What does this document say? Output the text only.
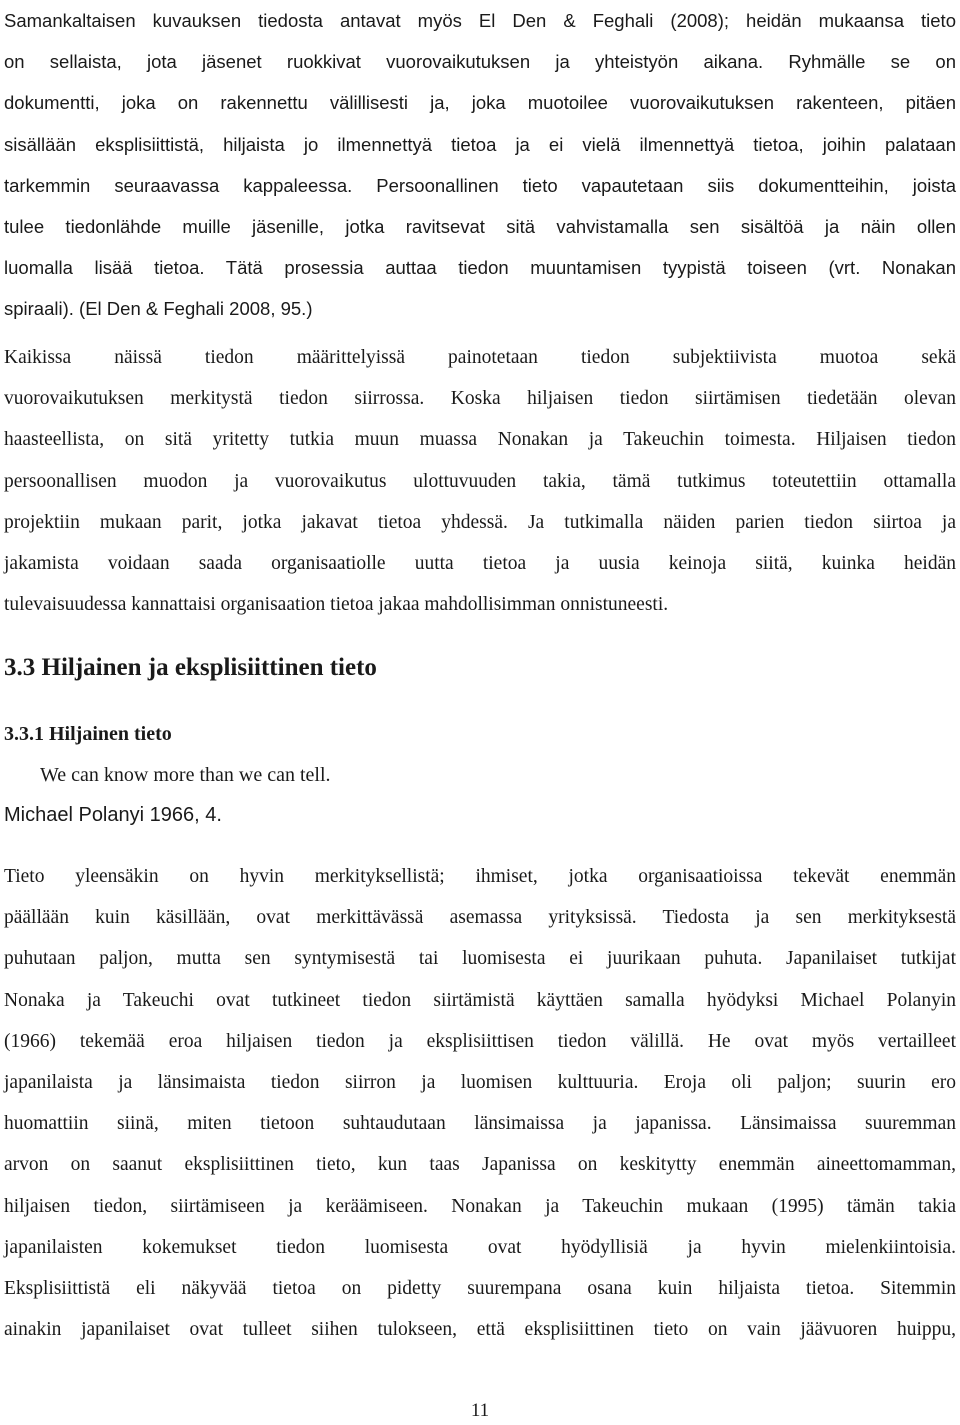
Samankaltaisen kuvauksen tiedosta antavat myös El Den & Feghali (2008); heidän mukaansa tieto
on sellaista, jota jäsenet ruokkivat vuorovaikutuksen ja yhteistyön aikana. Ryhmälle se on
dokumentti, joka on rakennettu välillisesti ja, joka muotoilee vuorovaikutuksen rakenteen, pitäen
sisällään eksplisiittistä, hiljaista jo ilmennettyä tietoa ja ei vielä ilmennettyä tietoa, joihin palataan
tarkemmin seuraavassa kappaleessa. Persoonallinen tieto vapautetaan siis dokumentteihin, joista
tulee tiedonlähde muille jäsenille, jotka ravitsevat sitä vahvistamalla sen sisältöä ja näin ollen
luomalla lisää tietoa. Tätä prosessia auttaa tiedon muuntamisen tyypistä toiseen (vrt. Nonakan
spiraali). (El Den & Feghali 2008, 95.)

Kaikissa näissä tiedon määrittelyissä painotetaan tiedon subjektiivista muotoa sekä
vuorovaikutuksen merkitystä tiedon siirrossa. Koska hiljaisen tiedon siirtämisen tiedetään olevan
haasteellista, on sitä yritetty tutkia muun muassa Nonakan ja Takeuchin toimesta. Hiljaisen tiedon
persoonallisen muodon ja vuorovaikutus ulottuvuuden takia, tämä tutkimus toteutettiin ottamalla
projektiin mukaan parit, jotka jakavat tietoa yhdessä. Ja tutkimalla näiden parien tiedon siirtoa ja
jakamista voidaan saada organisaatiolle uutta tietoa ja uusia keinoja siitä, kuinka heidän
tulevaisuudessa kannattaisi organisaation tietoa jakaa mahdollisimman onnistuneesti.

3.3 Hiljainen ja eksplisiittinen tieto
3.3.1 Hiljainen tieto

We can know more than we can tell.

Michael Polanyi 1966, 4.

Tieto yleensäkin on hyvin merkityksellistä; ihmiset, jotka organisaatioissa tekevät enemmän
päällään kuin käsillään, ovat merkittävässä asemassa yrityksissä. Tiedosta ja sen merkityksestä
puhutaan paljon, mutta sen syntymisestä tai luomisesta ei juurikaan puhuta. Japanilaiset tutkijat
Nonaka ja Takeuchi ovat tutkineet tiedon siirtämistä käyttäen samalla hyödyksi Michael Polanyin
(1966) tekemää eroa hiljaisen tiedon ja eksplisiittisen tiedon välillä. He ovat myös vertailleet
japanilaista ja länsimaista tiedon siirron ja luomisen kulttuuria. Eroja oli paljon; suurin ero
huomattiin siinä, miten tietoon suhtaudutaan länsimaissa ja japanissa. Länsimaissa suuremman
arvon on saanut eksplisiittinen tieto, kun taas Japanissa on keskitytty enemmän aineettomamman,
hiljaisen tiedon, siirtämiseen ja keräämiseen. Nonakan ja Takeuchin mukaan (1995) tämän takia
japanilaisten kokemukset tiedon luomisesta ovat hyödyllisiä ja hyvin mielenkiintoisia.
Eksplisiittistä eli näkyvää tietoa on pidetty suurempana osana kuin hiljaista tietoa. Sitemmin
ainakin japanilaiset ovat tulleet siihen tulokseen, että eksplisiittinen tieto on vain jäävuoren huippu,

11
